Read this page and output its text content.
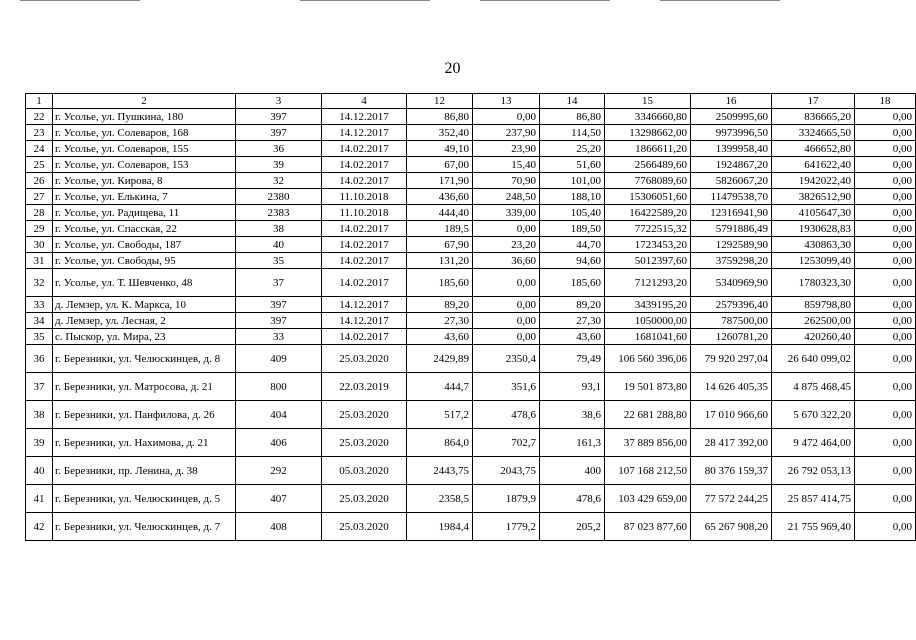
20
1	2	3	4	12	13	14	15	16	17	18
22	г. Усолье, ул. Пушкина, 180	397	14.12.2017	86,80	0,00	86,80	3346660,80	2509995,60	836665,20	0,00
23	г. Усолье, ул. Солеваров, 168	397	14.12.2017	352,40	237,90	114,50	13298662,00	9973996,50	3324665,50	0,00
24	г. Усолье, ул. Солеваров, 155	36	14.02.2017	49,10	23,90	25,20	1866611,20	1399958,40	466652,80	0,00
25	г. Усолье, ул. Солеваров, 153	39	14.02.2017	67,00	15,40	51,60	2566489,60	1924867,20	641622,40	0,00
26	г. Усолье, ул. Кирова, 8	32	14.02.2017	171,90	70,90	101,00	7768089,60	5826067,20	1942022,40	0,00
27	г. Усолье, ул. Елькина, 7	2380	11.10.2018	436,60	248,50	188,10	15306051,60	11479538,70	3826512,90	0,00
28	г. Усолье, ул. Радищева, 11	2383	11.10.2018	444,40	339,00	105,40	16422589,20	12316941,90	4105647,30	0,00
29	г. Усолье, ул. Спасская, 22	38	14.02.2017	189,5	0,00	189,50	7722515,32	5791886,49	1930628,83	0,00
30	г. Усолье, ул. Свободы, 187	40	14.02.2017	67,90	23,20	44,70	1723453,20	1292589,90	430863,30	0,00
31	г. Усолье, ул. Свободы, 95	35	14.02.2017	131,20	36,60	94,60	5012397,60	3759298,20	1253099,40	0,00
32	г. Усолье, ул. Т. Шевченко, 48	37	14.02.2017	185,60	0,00	185,60	7121293,20	5340969,90	1780323,30	0,00
33	д. Лемзер, ул. К. Маркса, 10	397	14.12.2017	89,20	0,00	89,20	3439195,20	2579396,40	859798,80	0,00
34	д. Лемзер, ул. Лесная, 2	397	14.12.2017	27,30	0,00	27,30	1050000,00	787500,00	262500,00	0,00
35	с. Пыскор, ул. Мира, 23	33	14.02.2017	43,60	0,00	43,60	1681041,60	1260781,20	420260,40	0,00
36	г. Березники, ул. Челюскинцев, д. 8	409	25.03.2020	2429,89	2350,4	79,49	106 560 396,06	79 920 297,04	26 640 099,02	0,00
37	г. Березники, ул. Матросова, д. 21	800	22.03.2019	444,7	351,6	93,1	19 501 873,80	14 626 405,35	4 875 468,45	0,00
38	г. Березники, ул. Панфилова, д. 26	404	25.03.2020	517,2	478,6	38,6	22 681 288,80	17 010 966,60	5 670 322,20	0,00
39	г. Березники, ул. Нахимова, д. 21	406	25.03.2020	864,0	702,7	161,3	37 889 856,00	28 417 392,00	9 472 464,00	0,00
40	г. Березники, пр. Ленина, д. 38	292	05.03.2020	2443,75	2043,75	400	107 168 212,50	80 376 159,37	26 792 053,13	0,00
41	г. Березники, ул. Челюскинцев, д. 5	407	25.03.2020	2358,5	1879,9	478,6	103 429 659,00	77 572 244,25	25 857 414,75	0,00
42	г. Березники, ул. Челюскинцев, д. 7	408	25.03.2020	1984,4	1779,2	205,2	87 023 877,60	65 267 908,20	21 755 969,40	0,00
